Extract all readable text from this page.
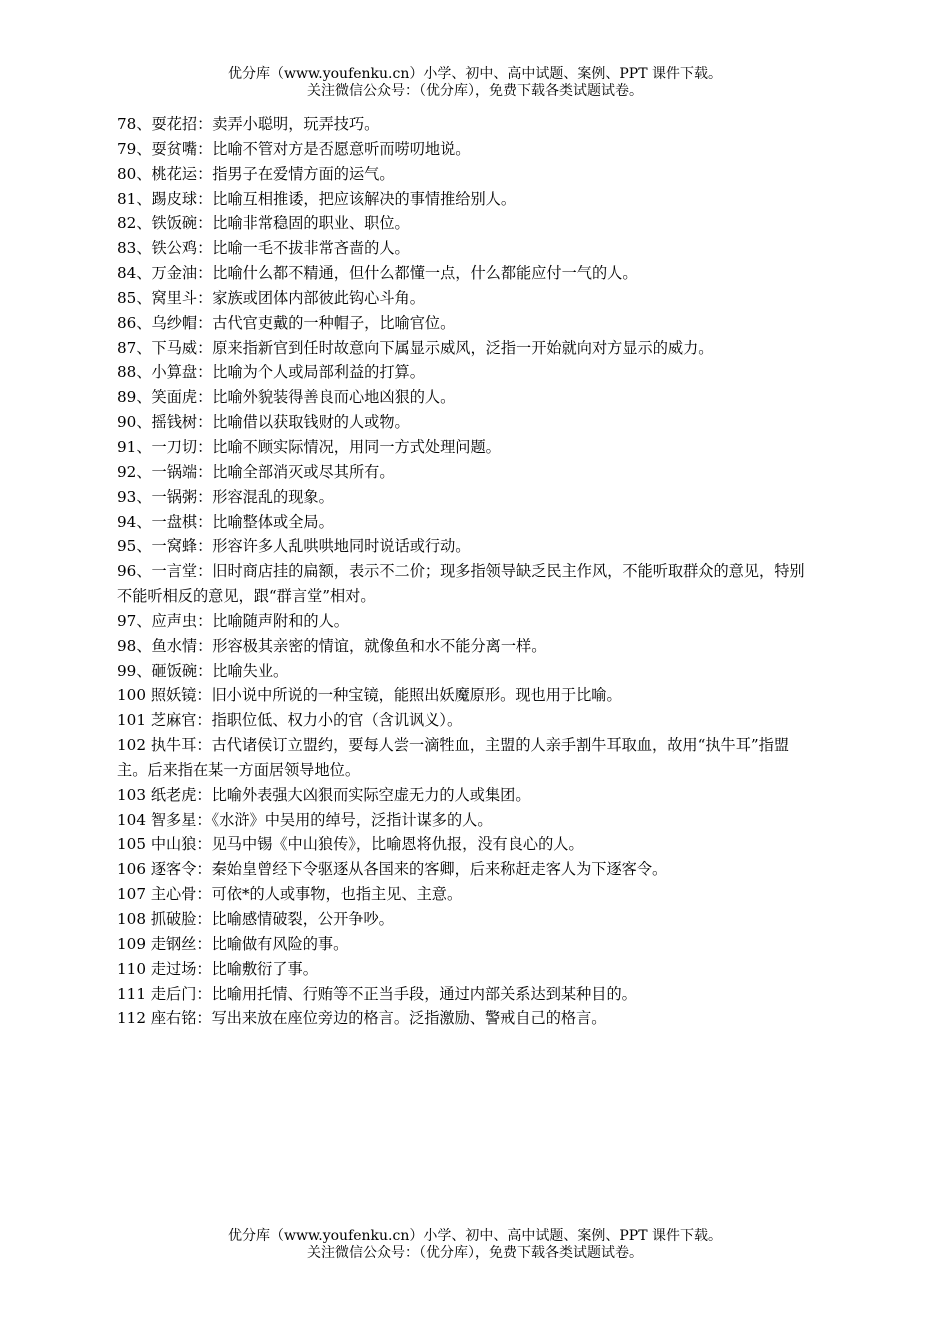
优分库（www.youfenku.cn）小学、初中、高中试题、案例、PPT 课件下载。
关注微信公众号：（优分库），免费下载各类试题试卷。
78、耍花招：卖弄小聪明，玩弄技巧。
79、耍贫嘴：比喻不管对方是否愿意听而唠叨地说。
80、桃花运：指男子在爱情方面的运气。
81、踢皮球：比喻互相推诿，把应该解决的事情推给别人。
82、铁饭碗：比喻非常稳固的职业、职位。
83、铁公鸡：比喻一毛不拔非常吝啬的人。
84、万金油：比喻什么都不精通，但什么都懂一点，什么都能应付一气的人。
85、窝里斗：家族或团体内部彼此钩心斗角。
86、乌纱帽：古代官吏戴的一种帽子，比喻官位。
87、下马威：原来指新官到任时故意向下属显示威风，泛指一开始就向对方显示的威力。
88、小算盘：比喻为个人或局部利益的打算。
89、笑面虎：比喻外貌装得善良而心地凶狠的人。
90、摇钱树：比喻借以获取钱财的人或物。
91、一刀切：比喻不顾实际情况，用同一方式处理问题。
92、一锅端：比喻全部消灭或尽其所有。
93、一锅粥：形容混乱的现象。
94、一盘棋：比喻整体或全局。
95、一窝蜂：形容许多人乱哄哄地同时说话或行动。
96、一言堂：旧时商店挂的扁额，表示不二价；现多指领导缺乏民主作风，不能听取群众的意见，特别不能听相反的意见，跟“群言堂”相对。
97、应声虫：比喻随声附和的人。
98、鱼水情：形容极其亲密的情谊，就像鱼和水不能分离一样。
99、砸饭碗：比喻失业。
100 照妖镜：旧小说中所说的一种宝镜，能照出妖魔原形。现也用于比喻。
101 芝麻官：指职位低、权力小的官（含讥讽义）。
102 执牛耳：古代诸侯订立盟约，要每人尝一滴牲血，主盟的人亲手割牛耳取血，故用“执牛耳”指盟主。后来指在某一方面居领导地位。
103 纸老虎：比喻外表强大凶狠而实际空虚无力的人或集团。
104 智多星：《水浒》中吴用的绰号，泛指计谋多的人。
105 中山狼：见马中锡《中山狼传》，比喻恩将仇报，没有良心的人。
106 逐客令：秦始皇曾经下令驱逐从各国来的客卿，后来称赶走客人为下逐客令。
107 主心骨：可依*的人或事物，也指主见、主意。
108 抓破脸：比喻感情破裂，公开争吵。
109 走钢丝：比喻做有风险的事。
110 走过场：比喻敷衍了事。
111 走后门：比喻用托情、行贿等不正当手段，通过内部关系达到某种目的。
112 座右铭：写出来放在座位旁边的格言。泛指激励、警戒自己的格言。
优分库（www.youfenku.cn）小学、初中、高中试题、案例、PPT 课件下载。
关注微信公众号：（优分库），免费下载各类试题试卷。
